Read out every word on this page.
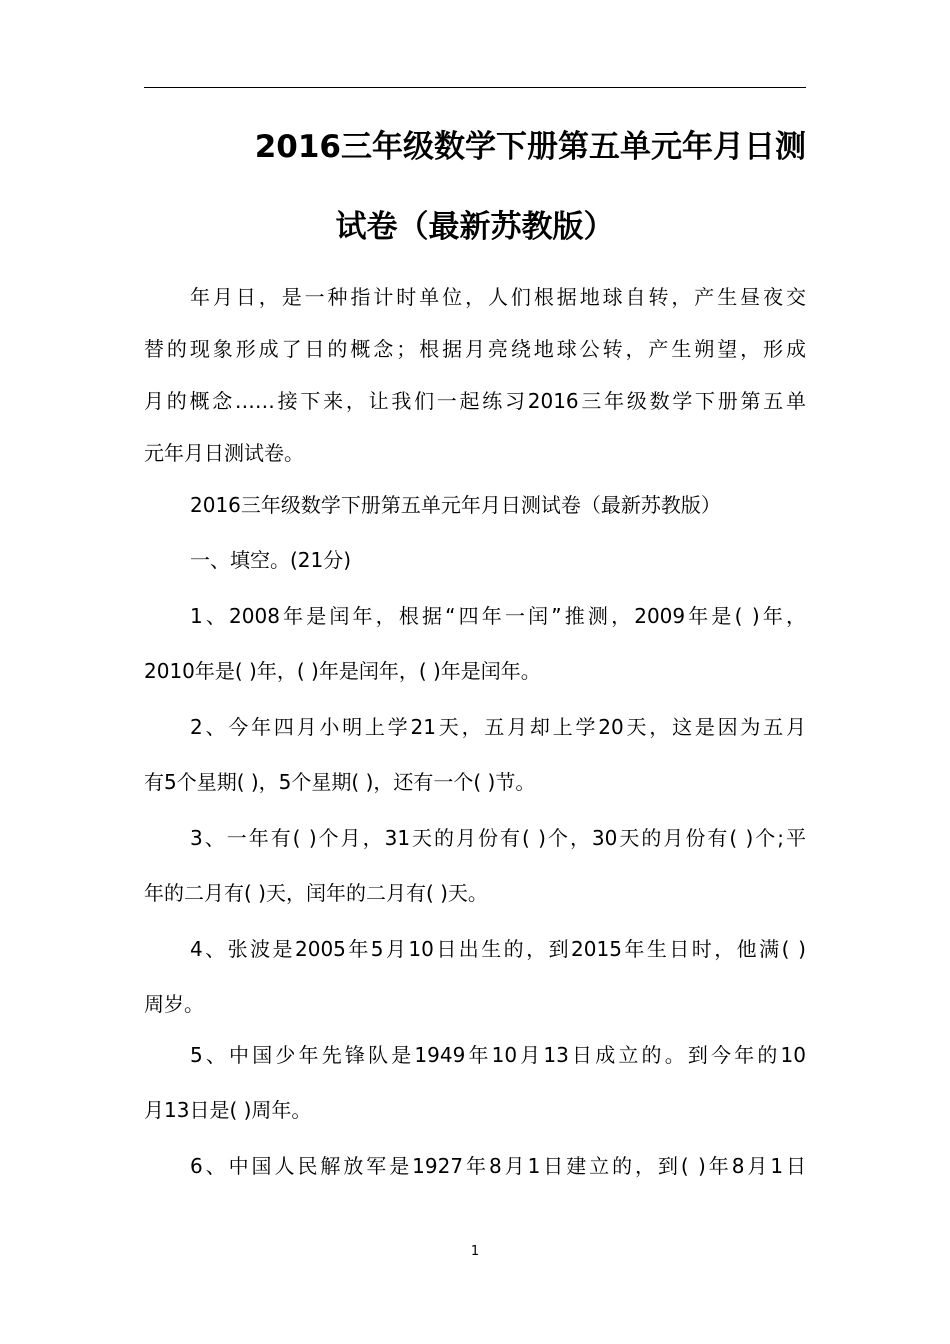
2016三年级数学下册第五单元年月日测
试卷（最新苏教版）
年月日，是一种指计时单位，人们根据地球自转，产生昼夜交
替的现象形成了日的概念；根据月亮绕地球公转，产生朔望，形成
月的概念……接下来，让我们一起练习2016三年级数学下册第五单
元年月日测试卷。
2016三年级数学下册第五单元年月日测试卷（最新苏教版）
一、填空。(21分)
1、2008年是闰年，根据“四年一闰”推测，2009年是( )年，
2010年是( )年，( )年是闰年，( )年是闰年。
2、今年四月小明上学21天，五月却上学20天，这是因为五月
有5个星期( )，5个星期( )，还有一个( )节。
3、一年有( )个月，31天的月份有( )个，30天的月份有( )个;平
年的二月有( )天，闰年的二月有( )天。
4、张波是2005年5月10日出生的，到2015年生日时，他满( )
周岁。
5、中国少年先锋队是1949年10月13日成立的。到今年的10
月13日是( )周年。
6、中国人民解放军是1927年8月1日建立的，到( )年8月1日
1
